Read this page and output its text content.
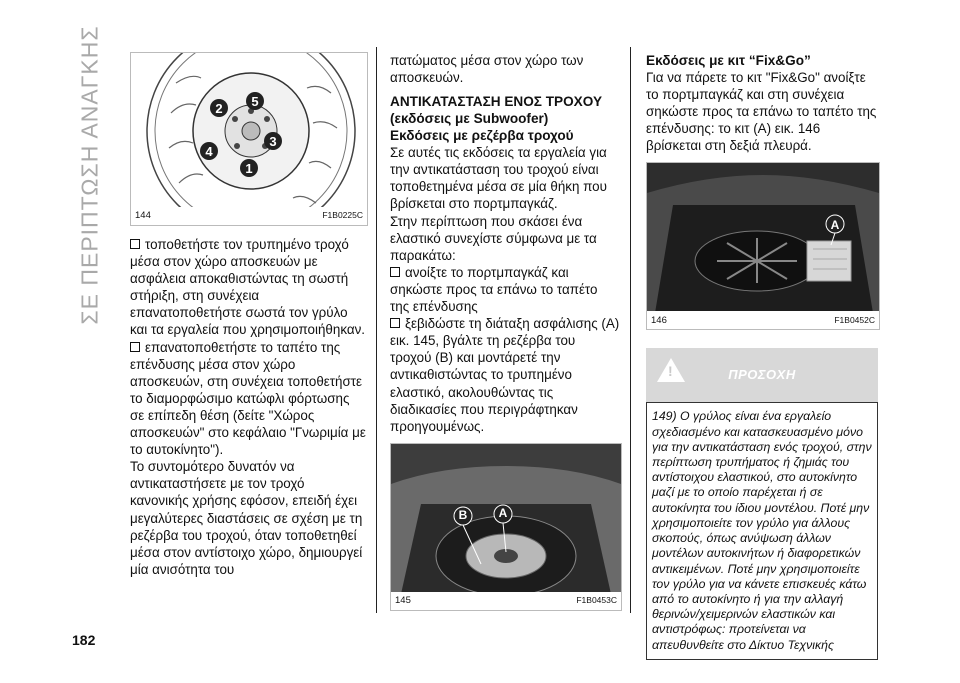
ΣΕ ΠΕΡΙΠΤΩΣΗ ΑΝΑΓΚΗΣ
182
2	5
3
4
1
144	F1B0225C

τοποθετήστε τον τρυπημένο τροχό μέσα στον χώρο αποσκευών με ασφάλεια αποκαθιστώντας τη σωστή στήριξη, στη συνέχεια επανατοποθετήστε σωστά τον γρύλο και τα εργαλεία που χρησιμοποιήθηκαν.

επανατοποθετήστε το ταπέτο της επένδυσης μέσα στον χώρο αποσκευών, στη συνέχεια τοποθετήστε το διαμορφώσιμο κατώφλι φόρτωσης σε επίπεδη θέση (δείτε "Χώρος αποσκευών" στο κεφάλαιο "Γνωριμία με το αυτοκίνητο").

Το συντομότερο δυνατόν να αντικαταστήσετε με τον τροχό κανονικής χρήσης εφόσον, επειδή έχει μεγαλύτερες διαστάσεις σε σχέση με τη ρεζέρβα του τροχού, όταν τοποθετηθεί μέσα στον αντίστοιχο χώρο, δημιουργεί μία ανισότητα του

πατώματος μέσα στον χώρο των αποσκευών.

ΑΝΤΙΚΑΤΑΣΤΑΣΗ ΕΝΟΣ ΤΡΟΧΟΥ (εκδόσεις με Subwoofer)
Εκδόσεις με ρεζέρβα τροχού

Σε αυτές τις εκδόσεις τα εργαλεία για την αντικατάσταση του τροχού είναι τοποθετημένα μέσα σε μία θήκη που βρίσκεται στο πορτμπαγκάζ.

Στην περίπτωση που σκάσει ένα ελαστικό συνεχίστε σύμφωνα με τα παρακάτω:

ανοίξτε το πορτμπαγκάζ και σηκώστε προς τα επάνω το ταπέτο της επένδυσης

ξεβιδώστε τη διάταξη ασφάλισης (A) εικ. 145, βγάλτε τη ρεζέρβα του τροχού (B) και μοντάρετέ την αντικαθιστώντας το τρυπημένο ελαστικό, ακολουθώντας τις διαδικασίες που περιγράφτηκαν προηγουμένως.

B	A
145	F1B0453C
Εκδόσεις με κιτ “Fix&Go”

Για να πάρετε το κιτ "Fix&Go" ανοίξτε το πορτμπαγκάζ και στη συνέχεια σηκώστε προς τα επάνω το ταπέτο της επένδυσης: το κιτ (A) εικ. 146 βρίσκεται στη δεξιά πλευρά.

A
146	F1B0452C
!
ΠΡΟΣΟΧΗ
149) Ο γρύλος είναι ένα εργαλείο σχεδιασμένο και κατασκευασμένο μόνο για την αντικατάσταση ενός τροχού, στην περίπτωση τρυπήματος ή ζημιάς του αντίστοιχου ελαστικού, στο αυτοκίνητο μαζί με το οποίο παρέχεται ή σε αυτοκίνητα του ίδιου μοντέλου. Ποτέ μην χρησιμοποιείτε τον γρύλο για άλλους σκοπούς, όπως ανύψωση άλλων μοντέλων αυτοκινήτων ή διαφορετικών αντικειμένων. Ποτέ μην χρησιμοποιείτε τον γρύλο για να κάνετε επισκευές κάτω από το αυτοκίνητο ή για την αλλαγή θερινών/χειμερινών ελαστικών και αντιστρόφως: προτείνεται να απευθυνθείτε στο Δίκτυο Τεχνικής
